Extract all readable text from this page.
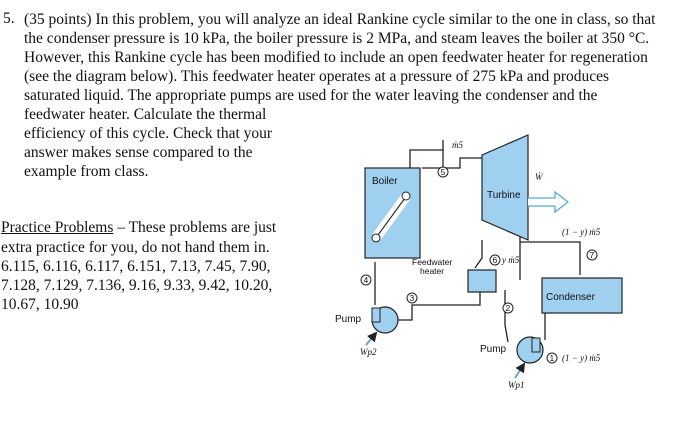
5. (35 points) In this problem, you will analyze an ideal Rankine cycle similar to the one in class, so that
the condenser pressure is 10 kPa, the boiler pressure is 2 MPa, and steam leaves the boiler at 350 °C.
However, this Rankine cycle has been modified to include an open feedwater heater for regeneration
(see the diagram below). This feedwater heater operates at a pressure of 275 kPa and produces
saturated liquid. The appropriate pumps are used for the water leaving the condenser and the
feedwater heater. Calculate the thermal
efficiency of this cycle. Check that your
answer makes sense compared to the
example from class.
Practice Problems – These problems are just
extra practice for you, do not hand them in.
6.115, 6.116, 6.117, 6.151, 7.13, 7.45, 7.90,
7.128, 7.129, 7.136, 9.16, 9.33, 9.42, 10.20,
10.67, 10.90
Boiler
5
ṁ5
Turbine
Ẇ
6 y ṁ5
(1 − y) ṁ5
7
Condenser
Feedwater
heater
2
3
4
Pump
Wp2	Pump
Wp1
1 (1 − y) ṁ5
